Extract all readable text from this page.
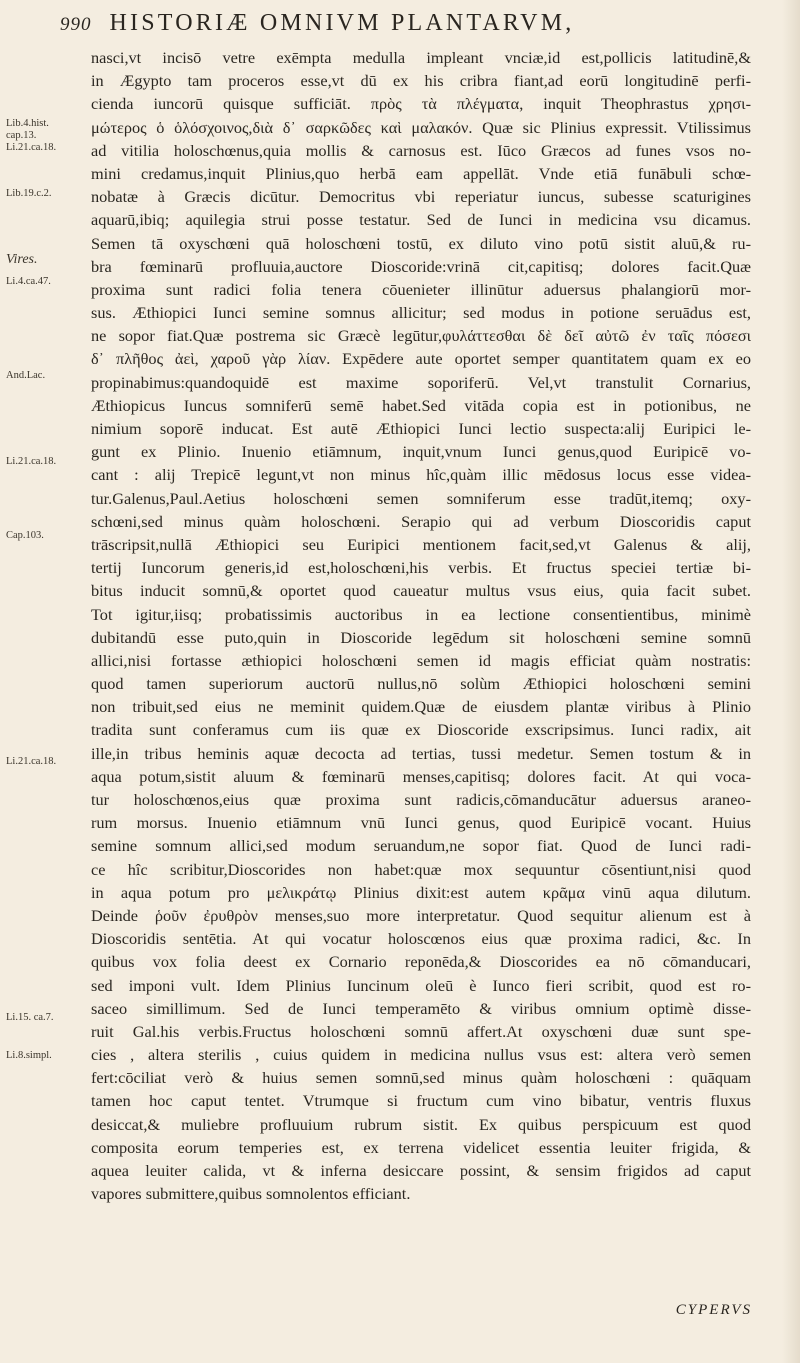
990 HISTORIÆ OMNIVM PLANTARVM,
Lib.4.hist.
cap.13.
Li.21.ca.18.
Lib.19.c.2.
Vires.
Li.4.ca.47.
And.Lac.
Li.21.ca.18.
Cap.103.
Li.21.ca.18.
Li.15. ca.7.
Li.8.simpl.
nasci,vt incisō vetre exēmpta medulla impleant vnciæ,id est,pollicis latitudinē,&
in Ægypto tam proceros esse,vt dū ex his cribra fiant,ad eorū longitudinē perfi-
cienda iuncorū quisque sufficiāt. πρὸς τὰ πλέγματα, inquit Theophrastus χρησι-
μώτερος ὁ ὁλόσχοινος,διὰ δ᾽ σαρκῶδες καὶ μαλακόν. Quæ sic Plinius expressit. Vtilissimus
ad vitilia holoschœnus,quia mollis & carnosus est. Iūco Græcos ad funes vsos no-
mini credamus,inquit Plinius,quo herbā eam appellāt. Vnde etiā funābuli schœ-
nobatæ à Græcis dicūtur. Democritus vbi reperiatur iuncus, subesse scaturigines
aquarū,ibiq; aquilegia strui posse testatur. Sed de Iunci in medicina vsu dicamus.
Semen tā oxyschœni quā holoschœni tostū, ex diluto vino potū sistit aluū,& ru-
bra fœminarū profluuia,auctore Dioscoride:vrinā cit,capitisq; dolores facit.Quæ
proxima sunt radici folia tenera cōuenieter illinūtur aduersus phalangiorū mor-
sus. Æthiopici Iunci semine somnus allicitur; sed modus in potione seruādus est,
ne sopor fiat.Quæ postrema sic Græcè legūtur,φυλάττεσθαι δὲ δεῖ αὐτῶ ἐν ταῖς πόσεσι
δ᾽ πλῆθος ἀεὶ, χαροῦ γὰρ λίαν. Expēdere aute oportet semper quantitatem quam ex eo
propinabimus:quandoquidē est maxime soporiferū. Vel,vt transtulit Cornarius,
Æthiopicus Iuncus somniferū semē habet.Sed vitāda copia est in potionibus, ne
nimium soporē inducat. Est autē Æthiopici Iunci lectio suspecta:alij Euripici le-
gunt ex Plinio. Inuenio etiāmnum, inquit,vnum Iunci genus,quod Euripicē vo-
cant : alij Trepicē legunt,vt non minus hîc,quàm illic mēdosus locus esse videa-
tur.Galenus,Paul.Aetius holoschœni semen somniferum esse tradūt,itemq; oxy-
schœni,sed minus quàm holoschœni. Serapio qui ad verbum Dioscoridis caput
trāscripsit,nullā Æthiopici seu Euripici mentionem facit,sed,vt Galenus & alij,
tertij Iuncorum generis,id est,holoschœni,his verbis. Et fructus speciei tertiæ bi-
bitus inducit somnū,& oportet quod caueatur multus vsus eius, quia facit subet.
Tot igitur,iisq; probatissimis auctoribus in ea lectione consentientibus, minimè
dubitandū esse puto,quin in Dioscoride legēdum sit holoschœni semine somnū
allici,nisi fortasse æthiopici holoschœni semen id magis efficiat quàm nostratis:
quod tamen superiorum auctorū nullus,nō solùm Æthiopici holoschœni semini
non tribuit,sed eius ne meminit quidem.Quæ de eiusdem plantæ viribus à Plinio
tradita sunt conferamus cum iis quæ ex Dioscoride exscripsimus. Iunci radix, ait
ille,in tribus heminis aquæ decocta ad tertias, tussi medetur. Semen tostum & in
aqua potum,sistit aluum & fœminarū menses,capitisq; dolores facit. At qui voca-
tur holoschœnos,eius quæ proxima sunt radicis,cōmanducātur aduersus araneo-
rum morsus. Inuenio etiāmnum vnū Iunci genus, quod Euripicē vocant. Huius
semine somnum allici,sed modum seruandum,ne sopor fiat. Quod de Iunci radi-
ce hîc scribitur,Dioscorides non habet:quæ mox sequuntur cōsentiunt,nisi quod
in aqua potum pro μελικράτῳ Plinius dixit:est autem κρᾶμα vinū aqua dilutum.
Deinde ῥοῦν ἐρυθρὸν menses,suo more interpretatur. Quod sequitur alienum est à
Dioscoridis sentētia. At qui vocatur holoscœnos eius quæ proxima radici, &c. In
quibus vox folia deest ex Cornario reponēda,& Dioscorides ea nō cōmanducari,
sed imponi vult. Idem Plinius Iuncinum oleū è Iunco fieri scribit, quod est ro-
saceo simillimum. Sed de Iunci temperamēto & viribus omnium optimè disse-
ruit Gal.his verbis.Fructus holoschœni somnū affert.At oxyschœni duæ sunt spe-
cies , altera sterilis , cuius quidem in medicina nullus vsus est: altera verò semen
fert:cōciliat verò & huius semen somnū,sed minus quàm holoschœni : quāquam
tamen hoc caput tentet. Vtrumque si fructum cum vino bibatur, ventris fluxus
desiccat,& muliebre profluuium rubrum sistit. Ex quibus perspicuum est quod
composita eorum temperies est, ex terrena videlicet essentia leuiter frigida, &
aquea leuiter calida, vt & inferna desiccare possint, & sensim frigidos ad caput
vapores submittere,quibus somnolentos efficiant.
CYPERVS
